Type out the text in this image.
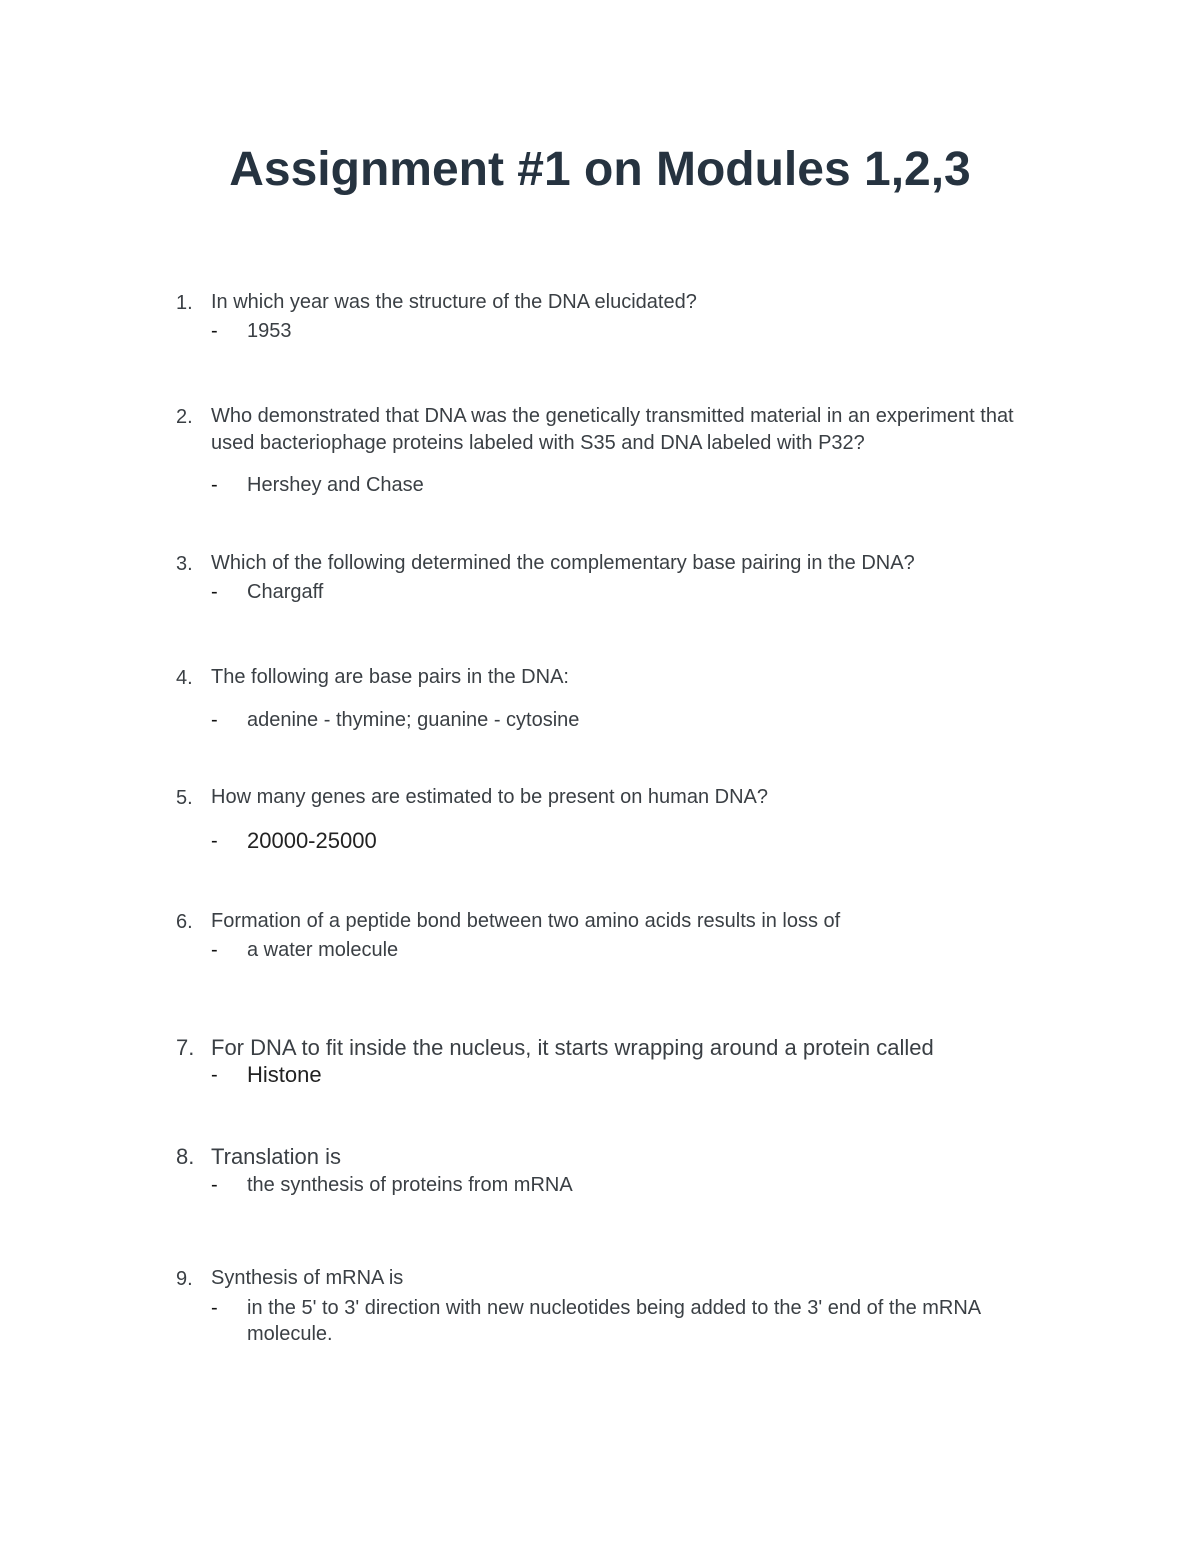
Assignment #1 on Modules 1,2,3
1. In which year was the structure of the DNA elucidated?
- 1953
2. Who demonstrated that DNA was the genetically transmitted material in an experiment that used bacteriophage proteins labeled with S35 and DNA labeled with P32?
- Hershey and Chase
3. Which of the following determined the complementary base pairing in the DNA?
- Chargaff
4. The following are base pairs in the DNA:
- adenine - thymine; guanine - cytosine
5. How many genes are estimated to be present on human DNA?
- 20000-25000
6. Formation of a peptide bond between two amino acids results in loss of
- a water molecule
7. For DNA to fit inside the nucleus, it starts wrapping around a protein called
- Histone
8. Translation is
- the synthesis of proteins from mRNA
9. Synthesis of mRNA is
- in the 5' to 3' direction with new nucleotides being added to the 3' end of the mRNA molecule.
